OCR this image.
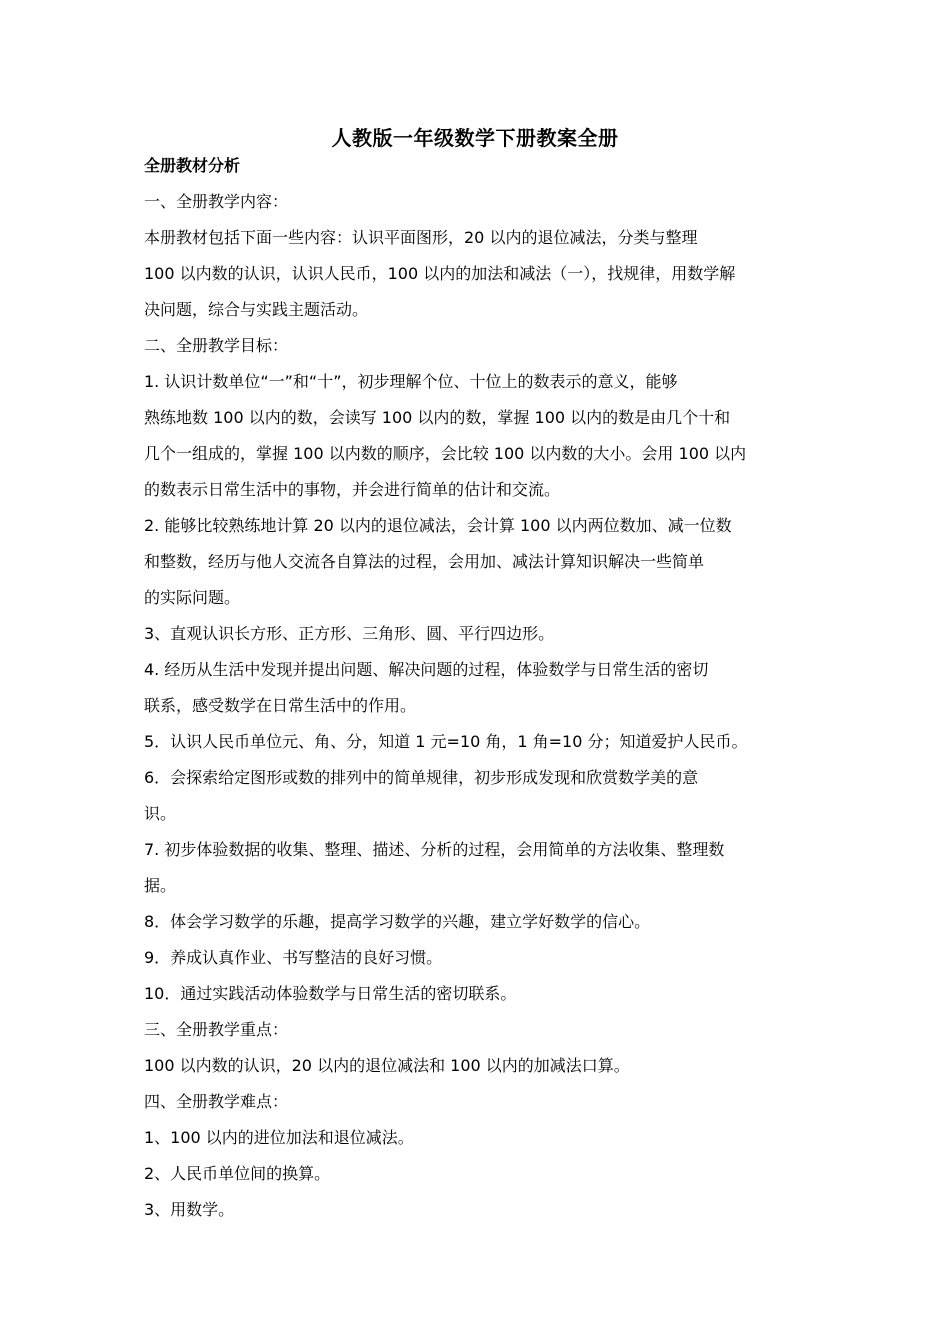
人教版一年级数学下册教案全册
全册教材分析
一、全册教学内容：
本册教材包括下面一些内容：认识平面图形，20 以内的退位减法，分类与整理
100 以内数的认识，认识人民币，100 以内的加法和减法（一），找规律，用数学解
决问题，综合与实践主题活动。
二、全册教学目标：
1. 认识计数单位“一”和“十”，初步理解个位、十位上的数表示的意义，能够
熟练地数 100 以内的数，会读写 100 以内的数，掌握 100 以内的数是由几个十和
几个一组成的，掌握 100 以内数的顺序，会比较 100 以内数的大小。会用 100 以内
的数表示日常生活中的事物，并会进行简单的估计和交流。
2. 能够比较熟练地计算 20 以内的退位减法，会计算 100 以内两位数加、减一位数
和整数，经历与他人交流各自算法的过程，会用加、减法计算知识解决一些简单
的实际问题。
3、直观认识长方形、正方形、三角形、圆、平行四边形。
4. 经历从生活中发现并提出问题、解决问题的过程，体验数学与日常生活的密切
联系，感受数学在日常生活中的作用。
5．认识人民币单位元、角、分，知道 1 元=10 角，1 角=10 分；知道爱护人民币。
6．会探索给定图形或数的排列中的简单规律，初步形成发现和欣赏数学美的意
识。
7. 初步体验数据的收集、整理、描述、分析的过程，会用简单的方法收集、整理数
据。
8．体会学习数学的乐趣，提高学习数学的兴趣，建立学好数学的信心。
9．养成认真作业、书写整洁的良好习惯。
10．通过实践活动体验数学与日常生活的密切联系。
三、全册教学重点：
100 以内数的认识，20 以内的退位减法和 100 以内的加减法口算。
四、全册教学难点：
1、100 以内的进位加法和退位减法。
2、人民币单位间的换算。
3、用数学。
